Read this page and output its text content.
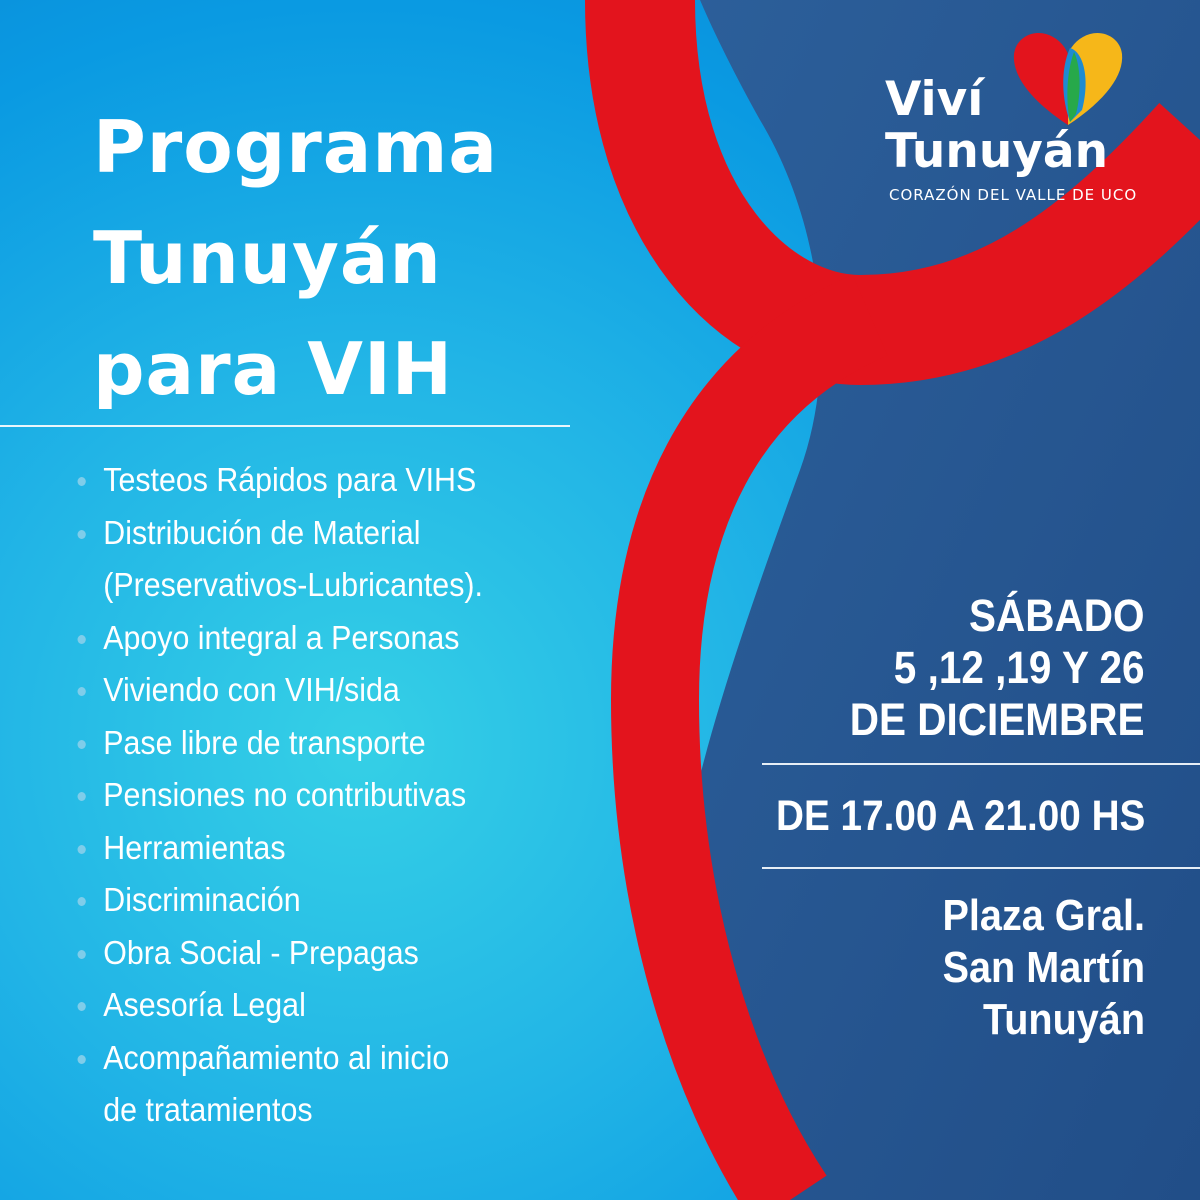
Programa
Tunuyán
para VIH
Testeos Rápidos para VIHS
Distribución de Material
(Preservativos-Lubricantes).
Apoyo integral a Personas
Viviendo con VIH/sida
Pase libre de transporte
Pensiones no contributivas
Herramientas
Discriminación
Obra Social - Prepagas
Asesoría Legal
Acompañamiento al inicio
de tratamientos

Viví

Tunuyán

CORAZÓN DEL VALLE DE UCO

SÁBADO
5 ,12 ,19 Y 26
DE DICIEMBRE
DE 17.00 A 21.00 HS
Plaza Gral.
San Martín
Tunuyán
